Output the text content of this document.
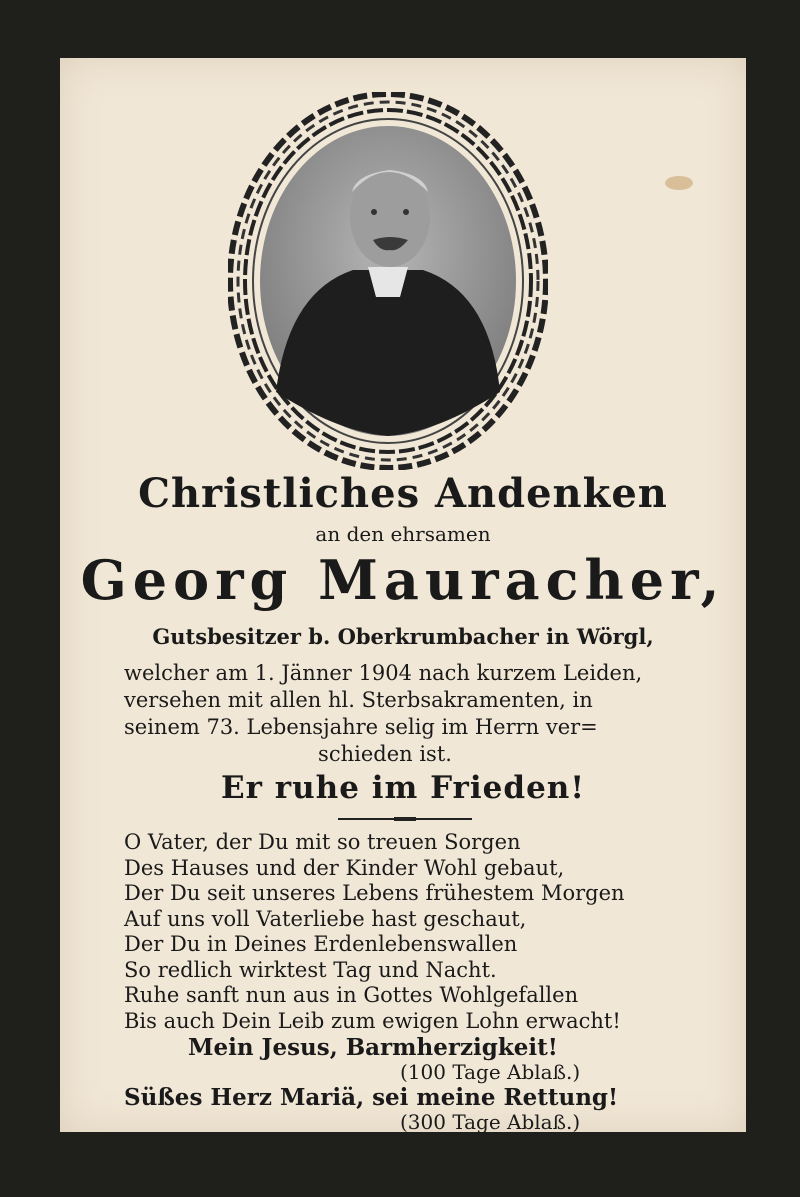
Christliches Andenken
an den ehrsamen
Georg Mauracher,
Gutsbesitzer b. Oberkrumbacher in Wörgl,
welcher am 1. Jänner 1904 nach kurzem Leiden,
versehen mit allen hl. Sterbsakramenten, in
seinem 73. Lebensjahre selig im Herrn ver=
schieden ist.
Er ruhe im Frieden!
O Vater, der Du mit so treuen Sorgen
Des Hauses und der Kinder Wohl gebaut,
Der Du seit unseres Lebens frühestem Morgen
Auf uns voll Vaterliebe hast geschaut,
Der Du in Deines Erdenlebenswallen
So redlich wirktest Tag und Nacht.
Ruhe sanft nun aus in Gottes Wohlgefallen
Bis auch Dein Leib zum ewigen Lohn erwacht!
Mein Jesus, Barmherzigkeit!
(100 Tage Ablaß.)
Süßes Herz Mariä, sei meine Rettung!
(300 Tage Ablaß.)
